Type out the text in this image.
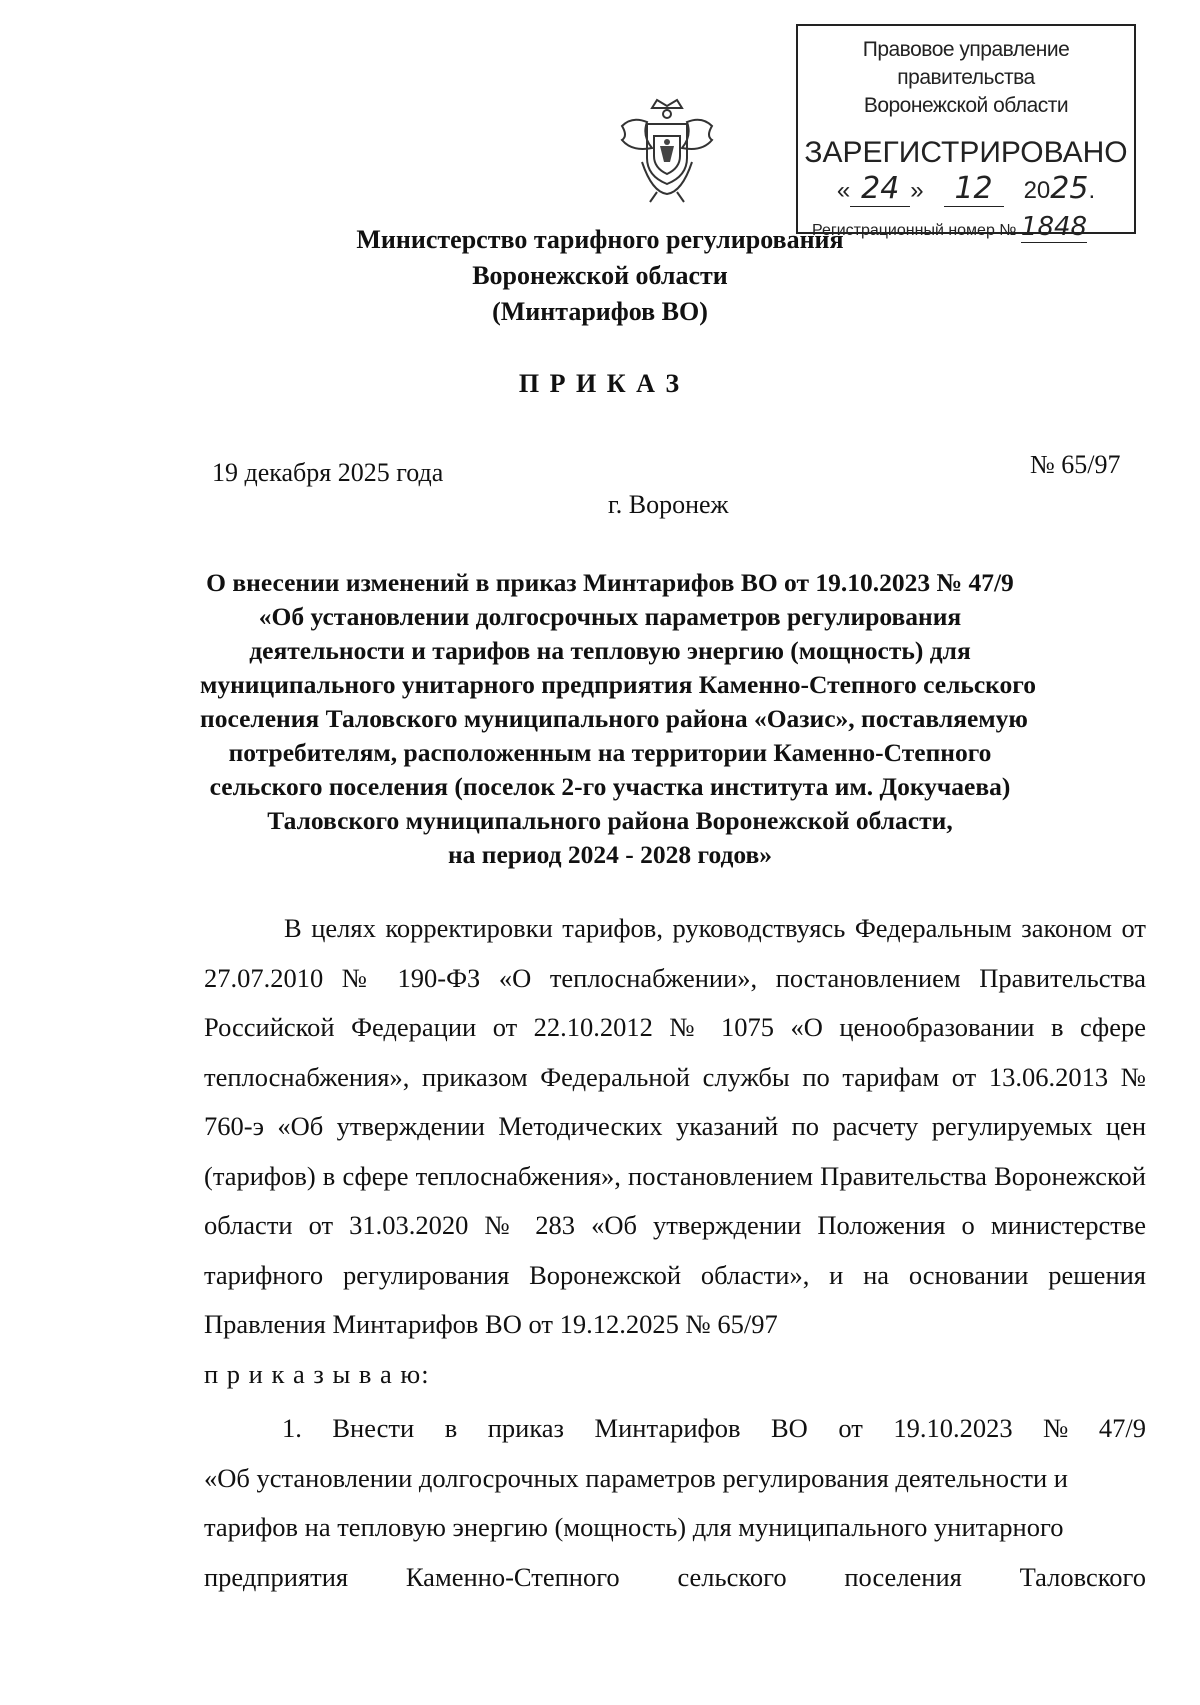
Правовое управление правительства
Воронежской области
ЗАРЕГИСТРИРОВАНО
« 24 »   12 2025.
Регистрационный номер № 1848
Министерство тарифного регулирования
Воронежской области
(Минтарифов ВО)
П Р И К А З
19 декабря 2025 года	№ 65/97
г. Воронеж
О внесении изменений в приказ Минтарифов ВО от 19.10.2023 № 47/9
«Об установлении долгосрочных параметров регулирования
деятельности и тарифов на тепловую энергию (мощность) для
муниципального унитарного предприятия Каменно-Степного сельского
поселения Таловского муниципального района «Оазис», поставляемую
потребителям, расположенным на территории Каменно-Степного
сельского поселения (поселок 2-го участка института им. Докучаева)
Таловского муниципального района Воронежской области,
на период 2024 - 2028 годов»

В целях корректировки тарифов, руководствуясь Федеральным законом от 27.07.2010 № 190-ФЗ «О теплоснабжении», постановлением Правительства Российской Федерации от 22.10.2012 № 1075 «О ценообразовании в сфере теплоснабжения», приказом Федеральной службы по тарифам от 13.06.2013 № 760-э «Об утверждении Методических указаний по расчету регулируемых цен (тарифов) в сфере теплоснабжения», постановлением Правительства Воронежской области от 31.03.2020 № 283 «Об утверждении Положения о министерстве тарифного регулирования Воронежской области», и на основании решения Правления Минтарифов ВО от 19.12.2025 № 65/97

п р и к а з ы в а ю:
1. Внести в приказ Минтарифов ВО от 19.10.2023 № 47/9
«Об установлении долгосрочных параметров регулирования деятельности и
тарифов на тепловую энергию (мощность) для муниципального унитарного
предприятия Каменно-Степного сельского поселения Таловского
